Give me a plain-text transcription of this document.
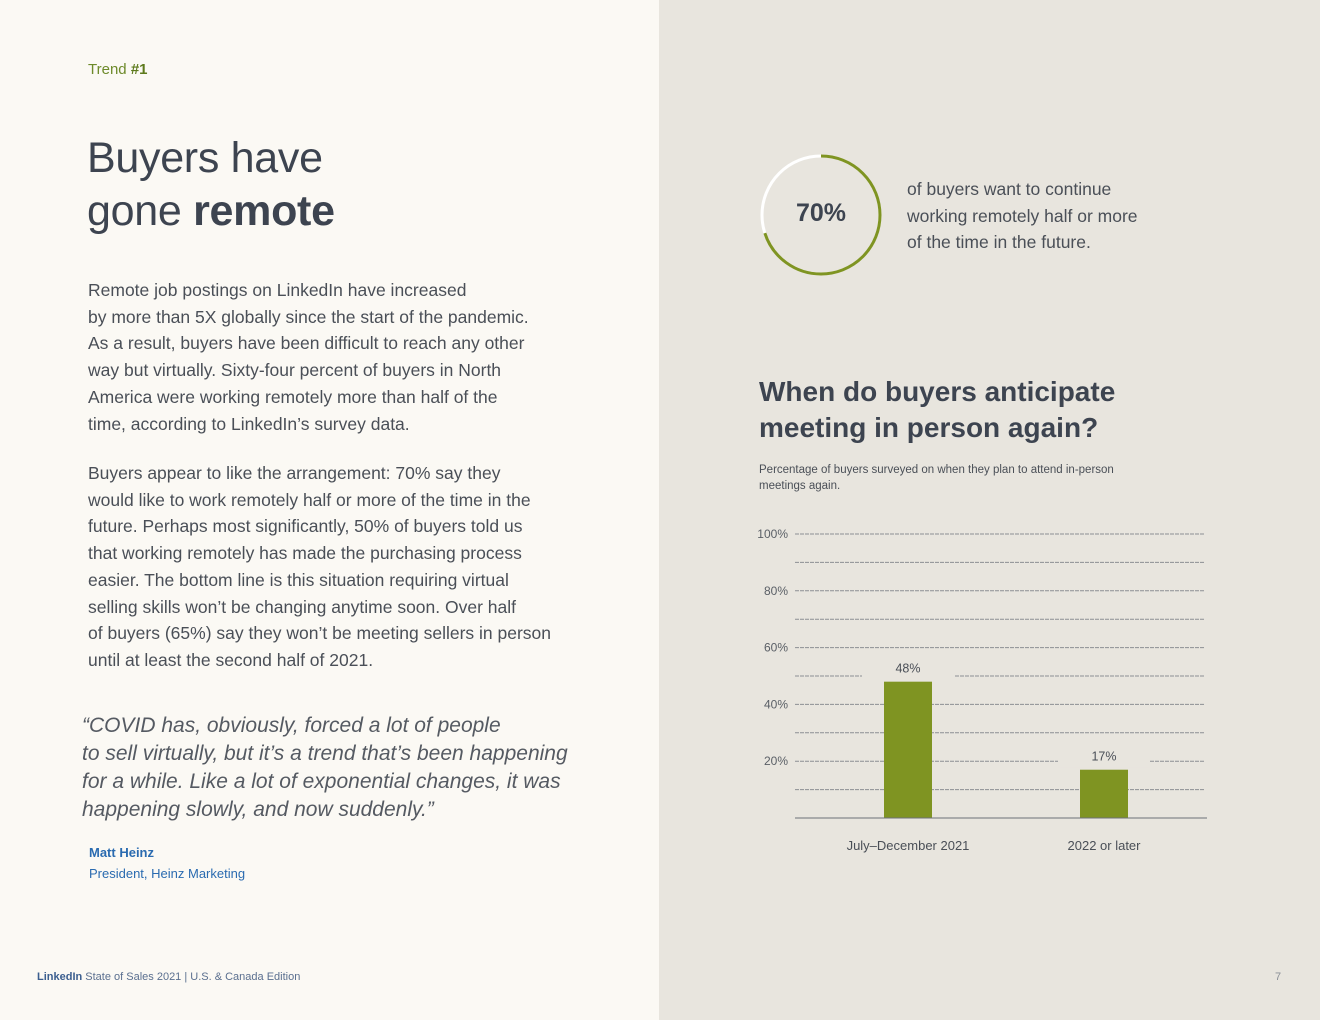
Trend #1
Buyers have
gone remote

Remote job postings on LinkedIn have increased
by more than 5X globally since the start of the pandemic.
As a result, buyers have been difficult to reach any other
way but virtually. Sixty-four percent of buyers in North
America were working remotely more than half of the
time, according to LinkedIn’s survey data.

Buyers appear to like the arrangement: 70% say they
would like to work remotely half or more of the time in the
future. Perhaps most significantly, 50% of buyers told us
that working remotely has made the purchasing process
easier. The bottom line is this situation requiring virtual
selling skills won’t be changing anytime soon. Over half
of buyers (65%) say they won’t be meeting sellers in person
until at least the second half of 2021.

“COVID has, obviously, forced a lot of people
to sell virtually, but it’s a trend that’s been happening
for a while. Like a lot of exponential changes, it was
happening slowly, and now suddenly.”
Matt Heinz
President, Heinz Marketing
70%

of buyers want to continue
working remotely half or more
of the time in the future.

When do buyers anticipate
meeting in person again?

Percentage of buyers surveyed on when they plan to attend in-person meetings again.

20%
40%
60%
80%
100%
48%
July–December 2021
17%
2022 or later
LinkedIn State of Sales 2021 | U.S. & Canada Edition	7
